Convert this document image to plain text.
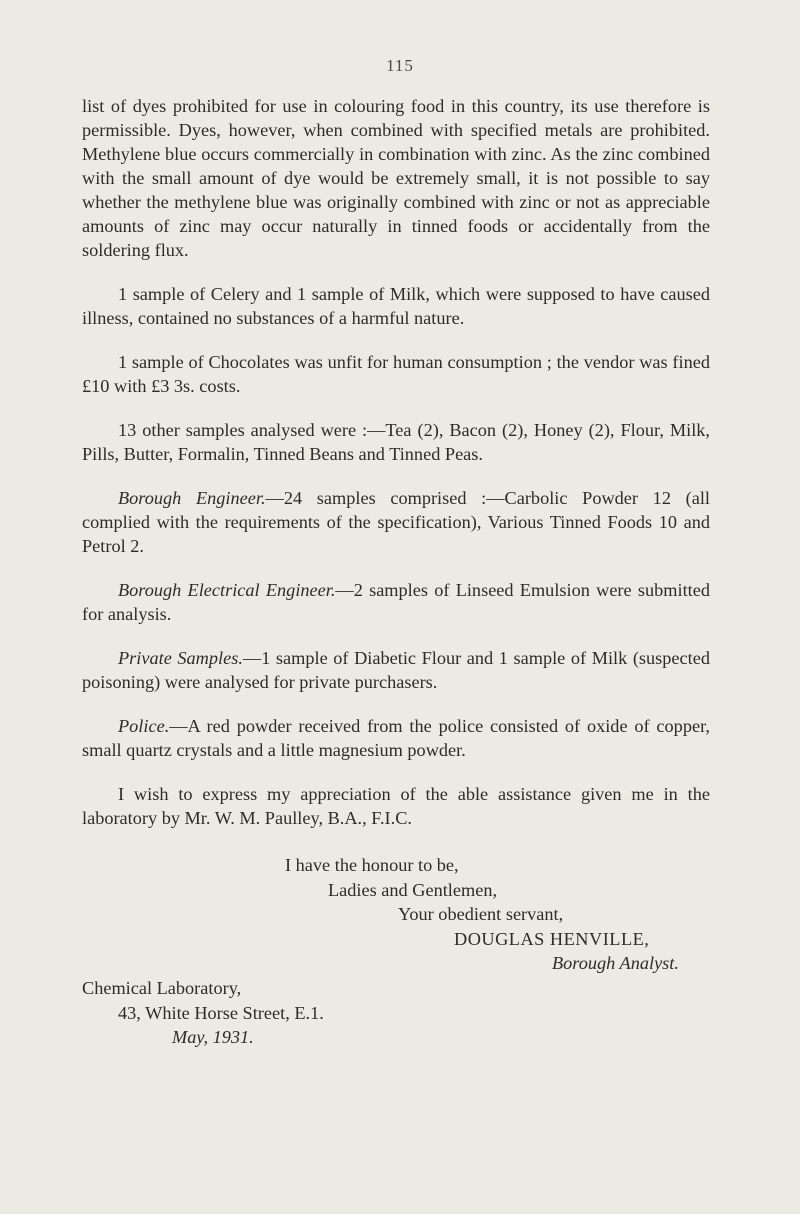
115

list of dyes prohibited for use in colouring food in this country, its use therefore is permissible. Dyes, however, when combined with specified metals are prohibited. Methylene blue occurs commercially in combination with zinc. As the zinc combined with the small amount of dye would be extremely small, it is not possible to say whether the methylene blue was originally combined with zinc or not as appreciable amounts of zinc may occur naturally in tinned foods or accidentally from the soldering flux.

1 sample of Celery and 1 sample of Milk, which were supposed to have caused illness, contained no substances of a harmful nature.

1 sample of Chocolates was unfit for human consumption ; the vendor was fined £10 with £3 3s. costs.

13 other samples analysed were :—Tea (2), Bacon (2), Honey (2), Flour, Milk, Pills, Butter, Formalin, Tinned Beans and Tinned Peas.

Borough Engineer.—24 samples comprised :—Carbolic Powder 12 (all complied with the requirements of the specification), Various Tinned Foods 10 and Petrol 2.

Borough Electrical Engineer.—2 samples of Linseed Emulsion were submitted for analysis.

Private Samples.—1 sample of Diabetic Flour and 1 sample of Milk (suspected poisoning) were analysed for private purchasers.

Police.—A red powder received from the police consisted of oxide of copper, small quartz crystals and a little magnesium powder.

I wish to express my appreciation of the able assistance given me in the laboratory by Mr. W. M. Paulley, B.A., F.I.C.

I have the honour to be,
Ladies and Gentlemen,
Your obedient servant,
DOUGLAS HENVILLE,
Borough Analyst.
Chemical Laboratory,
43, White Horse Street, E.1.
May, 1931.
